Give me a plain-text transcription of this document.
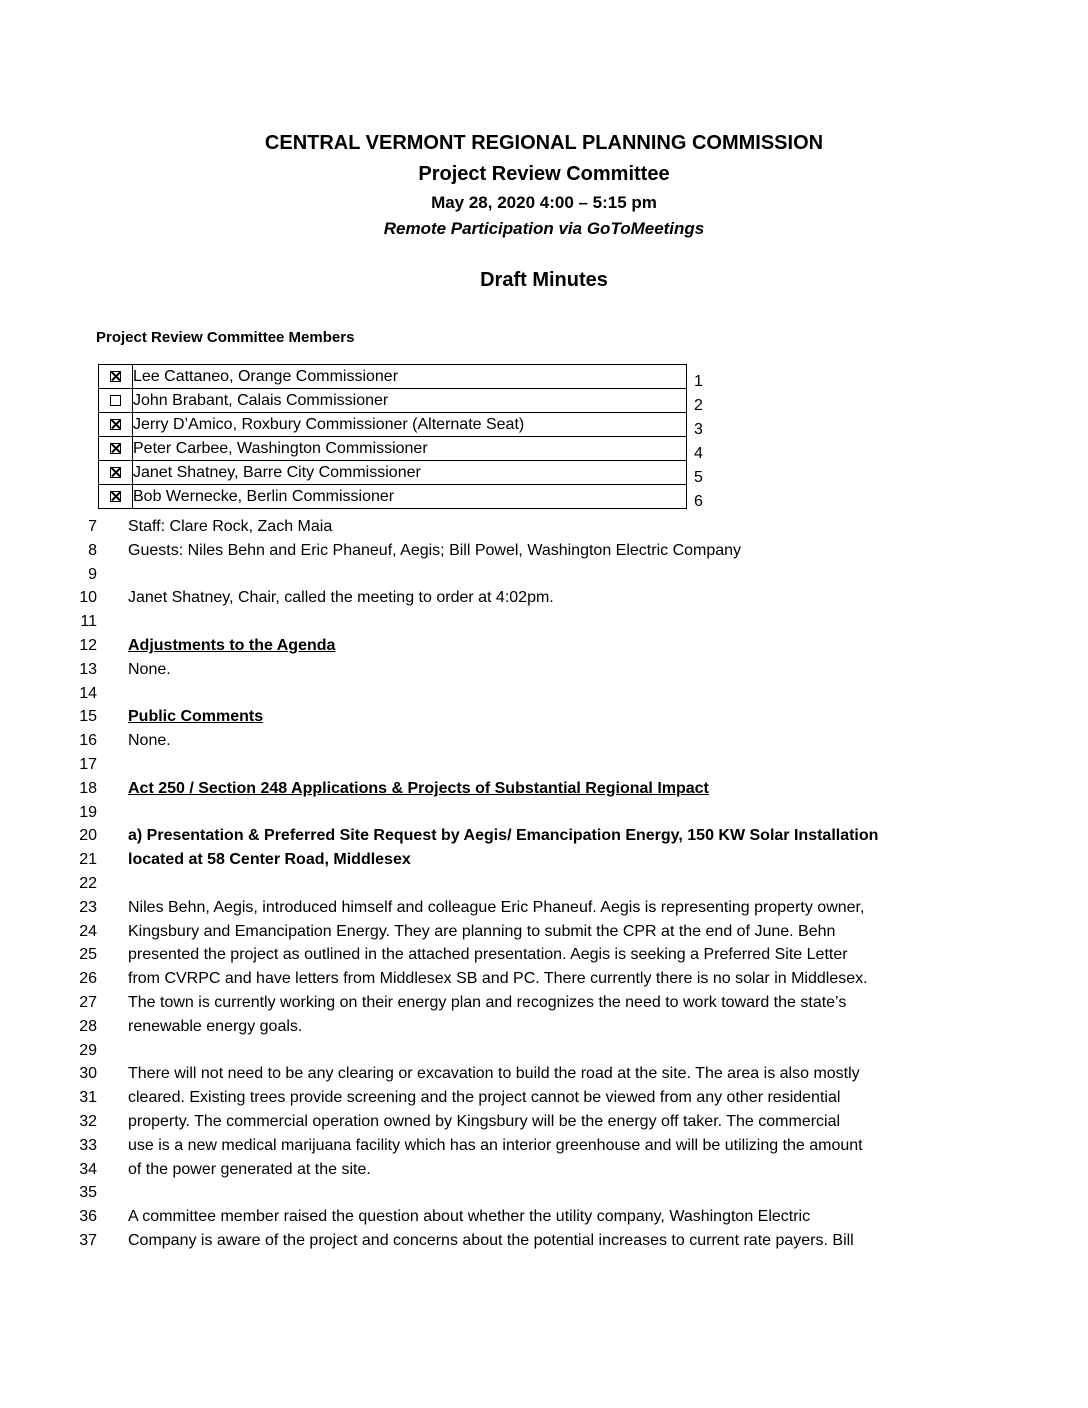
CENTRAL VERMONT REGIONAL PLANNING COMMISSION
Project Review Committee
May 28, 2020 4:00 – 5:15 pm
Remote Participation via GoToMeetings
Draft Minutes
Project Review Committee Members
	Lee Cattaneo, Orange Commissioner 1

	John Brabant, Calais Commissioner 2

	Jerry D’Amico, Roxbury Commissioner (Alternate Seat) 3

	Peter Carbee, Washington Commissioner 4

	Janet Shatney, Barre City Commissioner 5

	Bob Wernecke, Berlin Commissioner 6
7 Staff: Clare Rock, Zach Maia
8 Guests: Niles Behn and Eric Phaneuf, Aegis; Bill Powel, Washington Electric Company
9
10 Janet Shatney, Chair, called the meeting to order at 4:02pm.
11
12 Adjustments to the Agenda
13 None.
14
15 Public Comments
16 None.
17
18 Act 250 / Section 248 Applications & Projects of Substantial Regional Impact
19
20 a) Presentation & Preferred Site Request by Aegis/ Emancipation Energy, 150 KW Solar Installation
21 located at 58 Center Road, Middlesex
22
23 Niles Behn, Aegis, introduced himself and colleague Eric Phaneuf. Aegis is representing property owner,
24 Kingsbury and Emancipation Energy. They are planning to submit the CPR at the end of June. Behn
25 presented the project as outlined in the attached presentation. Aegis is seeking a Preferred Site Letter
26 from CVRPC and have letters from Middlesex SB and PC. There currently there is no solar in Middlesex.
27 The town is currently working on their energy plan and recognizes the need to work toward the state’s
28 renewable energy goals.
29
30 There will not need to be any clearing or excavation to build the road at the site. The area is also mostly
31 cleared. Existing trees provide screening and the project cannot be viewed from any other residential
32 property. The commercial operation owned by Kingsbury will be the energy off taker. The commercial
33 use is a new medical marijuana facility which has an interior greenhouse and will be utilizing the amount
34 of the power generated at the site.
35
36 A committee member raised the question about whether the utility company, Washington Electric
37 Company is aware of the project and concerns about the potential increases to current rate payers. Bill
